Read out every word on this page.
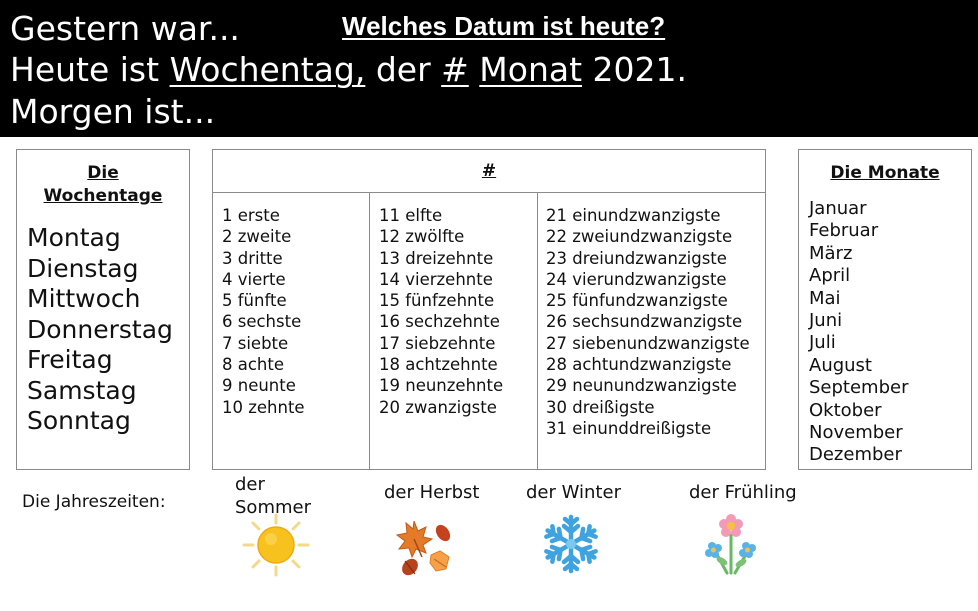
Gestern war...	Welches Datum ist heute?
Heute ist Wochentag, der # Monat 2021.
Morgen ist...
Die
Wochentage
Montag
Dienstag
Mittwoch
Donnerstag
Freitag
Samstag
Sonntag
#
1 erste
2 zweite
3 dritte
4 vierte
5 fünfte
6 sechste
7 siebte
8 achte
9 neunte
10 zehnte
11 elfte
12 zwölfte
13 dreizehnte
14 vierzehnte
15 fünfzehnte
16 sechzehnte
17 siebzehnte
18 achtzehnte
19 neunzehnte
20 zwanzigste
21 einundzwanzigste
22 zweiundzwanzigste
23 dreiundzwanzigste
24 vierundzwanzigste
25 fünfundzwanzigste
26 sechsundzwanzigste
27 siebenundzwanzigste
28 achtundzwanzigste
29 neunundzwanzigste
30 dreißigste
31 einunddreißigste
Die Monate
Januar
Februar
März
April
Mai
Juni
Juli
August
September
Oktober
November
Dezember
Die Jahreszeiten:
der
Sommer
der Herbst	der Winter	der Frühling
